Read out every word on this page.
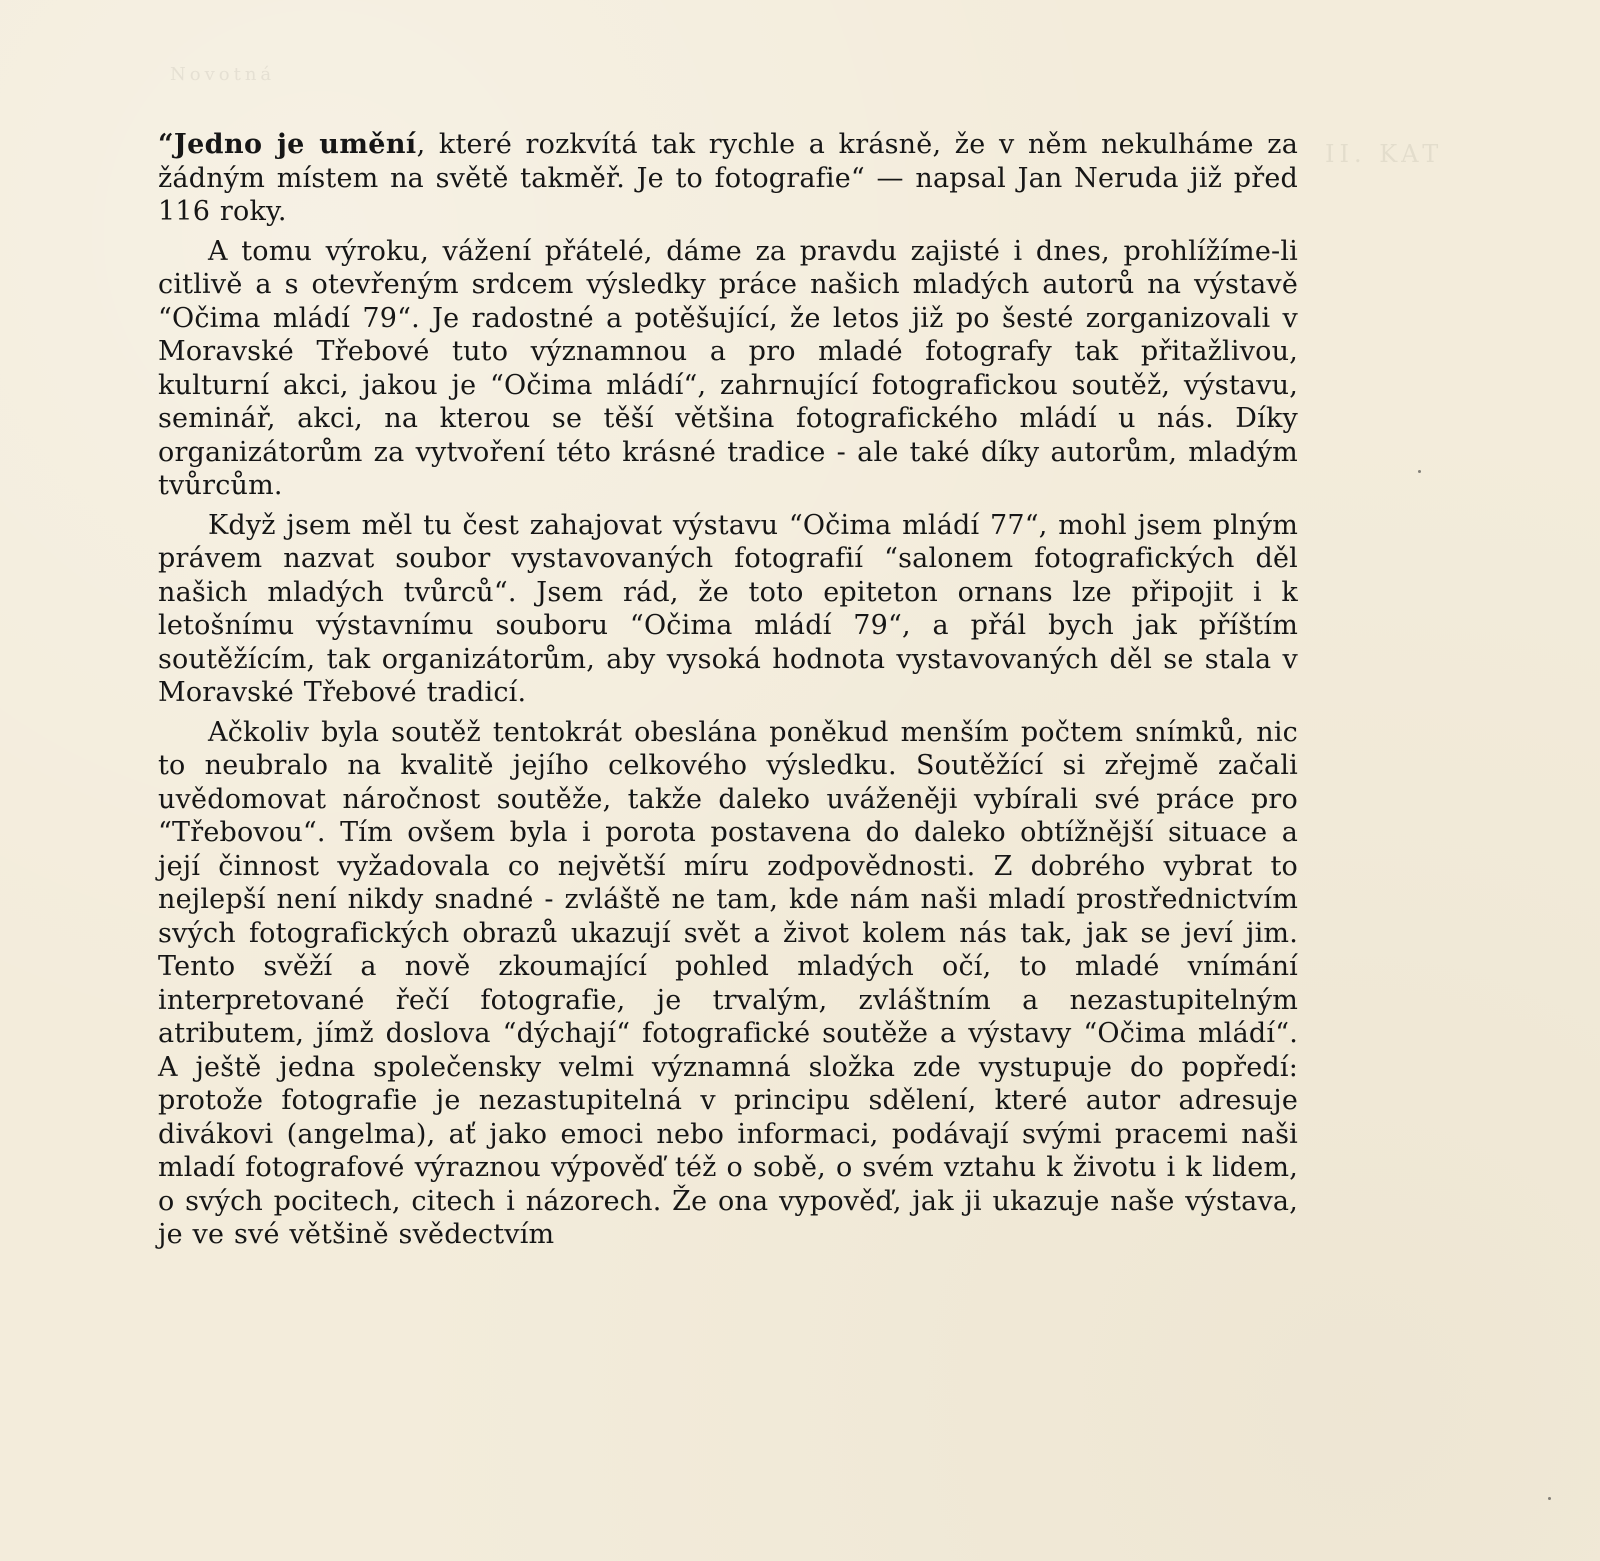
Novotná
II. KAT

“Jedno je umění, které rozkvítá tak rychle a krásně, že v něm nekulháme za žádným místem na světě takměř. Je to fotografie“ — napsal Jan Neruda již před 116 roky.

A tomu výroku, vážení přátelé, dáme za pravdu zajisté i dnes, prohlížíme-li citlivě a s otevřeným srdcem výsledky práce našich mladých autorů na výstavě “Očima mládí 79“. Je radostné a potěšující, že letos již po šesté zorganizovali v Moravské Třebové tuto významnou a pro mladé fotografy tak přitažlivou, kulturní akci, jakou je “Očima mládí“, zahrnující fotografickou soutěž, výstavu, seminář, akci, na kterou se těší většina fotografického mládí u nás. Díky organizátorům za vytvoření této krásné tradice - ale také díky autorům, mladým tvůrcům.

Když jsem měl tu čest zahajovat výstavu “Očima mládí 77“, mohl jsem plným právem nazvat soubor vystavovaných fotografií “salonem fotografických děl našich mladých tvůrců“. Jsem rád, že toto epiteton ornans lze připojit i k letošnímu výstavnímu souboru “Očima mládí 79“, a přál bych jak příštím soutěžícím, tak organizátorům, aby vysoká hodnota vystavovaných děl se stala v Moravské Třebové tradicí.

Ačkoliv byla soutěž tentokrát obeslána poněkud menším počtem snímků, nic to neubralo na kvalitě jejího celkového výsledku. Soutěžící si zřejmě začali uvědomovat náročnost soutěže, takže daleko uváženěji vybírali své práce pro “Třebovou“. Tím ovšem byla i porota postavena do daleko obtížnější situace a její činnost vyžadovala co největší míru zodpovědnosti. Z dobrého vybrat to nejlepší není nikdy snadné - zvláště ne tam, kde nám naši mladí prostřednictvím svých fotografických obrazů ukazují svět a život kolem nás tak, jak se jeví jim. Tento svěží a nově zkoumající pohled mladých očí, to mladé vnímání interpretované řečí fotografie, je trvalým, zvláštním a nezastupitelným atributem, jímž doslova “dýchají“ fotografické soutěže a výstavy “Očima mládí“. A ještě jedna společensky velmi významná složka zde vystupuje do popředí: protože fotografie je nezastupitelná v principu sdělení, které autor adresuje divákovi (angelma), ať jako emoci nebo informaci, podávají svými pracemi naši mladí fotografové výraznou výpověď též o sobě, o svém vztahu k životu i k lidem, o svých pocitech, citech i názorech. Že ona vypověď, jak ji ukazuje naše výstava, je ve své většině svědectvím
